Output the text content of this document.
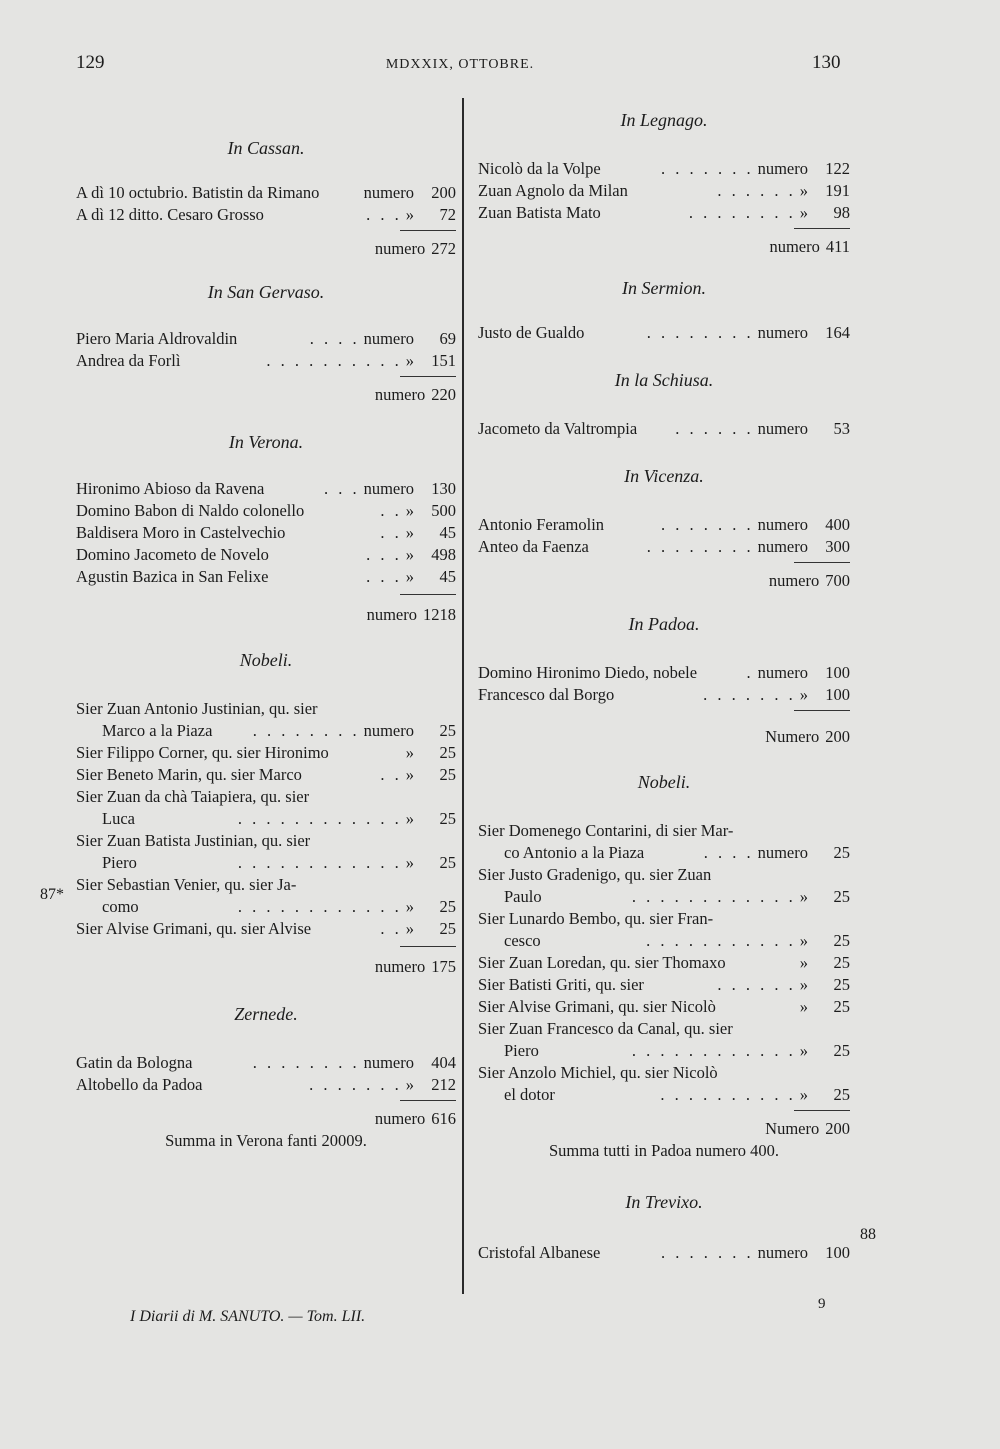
129	MDXXIX, OTTOBRE.	130
In Cassan.
A dì 10 octubrio. Batistin da Rimano	numero	200
A dì 12 ditto. Cesaro Grosso	. . . »	72
numero 272
In San Gervaso.
Piero Maria Aldrovaldin	. . . . numero	69
Andrea da Forlì	. . . . . . . . . . »	151
numero 220
In Verona.
Hironimo Abioso da Ravena	. . . numero	130
Domino Babon di Naldo colonello	. . »	500
Baldisera Moro in Castelvechio	. . »	45
Domino Jacometo de Novelo	. . . »	498
Agustin Bazica in San Felixe	. . . »	45
numero 1218
Nobeli.
Sier Zuan Antonio Justinian, qu. sier
Marco a la Piaza	. . . . . . . . numero	25
Sier Filippo Corner, qu. sier Hironimo	»	25
Sier Beneto Marin, qu. sier Marco	. . »	25
Sier Zuan da chà Taiapiera, qu. sier
Luca	. . . . . . . . . . . . »	25
Sier Zuan Batista Justinian, qu. sier
Piero	. . . . . . . . . . . . »	25
Sier Sebastian Venier, qu. sier Ja-
como	. . . . . . . . . . . . »	25
Sier Alvise Grimani, qu. sier Alvise	. . »	25
numero 175
Zernede.
Gatin da Bologna	. . . . . . . . numero	404
Altobello da Padoa	. . . . . . . »	212
numero 616
Summa in Verona fanti 20009.
In Legnago.
Nicolò da la Volpe	. . . . . . . numero	122
Zuan Agnolo da Milan	. . . . . . »	191
Zuan Batista Mato	. . . . . . . . »	98
numero 411
In Sermion.
Justo de Gualdo	. . . . . . . . numero	164
In la Schiusa.
Jacometo da Valtrompia	. . . . . . numero	53
In Vicenza.
Antonio Feramolin	. . . . . . . numero	400
Anteo da Faenza	. . . . . . . . numero	300
numero 700
In Padoa.
Domino Hironimo Diedo, nobele	. numero	100
Francesco dal Borgo	. . . . . . . »	100
Numero 200
Nobeli.
Sier Domenego Contarini, di sier Mar-
co Antonio a la Piaza	. . . . numero	25
Sier Justo Gradenigo, qu. sier Zuan
Paulo	. . . . . . . . . . . . »	25
Sier Lunardo Bembo, qu. sier Fran-
cesco	. . . . . . . . . . . »	25
Sier Zuan Loredan, qu. sier Thomaxo	»	25
Sier Batisti Griti, qu. sier	. . . . . . »	25
Sier Alvise Grimani, qu. sier Nicolò	»	25
Sier Zuan Francesco da Canal, qu. sier
Piero	. . . . . . . . . . . . »	25
Sier Anzolo Michiel, qu. sier Nicolò
el dotor	. . . . . . . . . . »	25
Numero 200
Summa tutti in Padoa numero 400.
In Trevixo.
Cristofal Albanese	. . . . . . . numero	100
87*
88
I Diarii di M. SANUTO. — Tom. LII.
9
